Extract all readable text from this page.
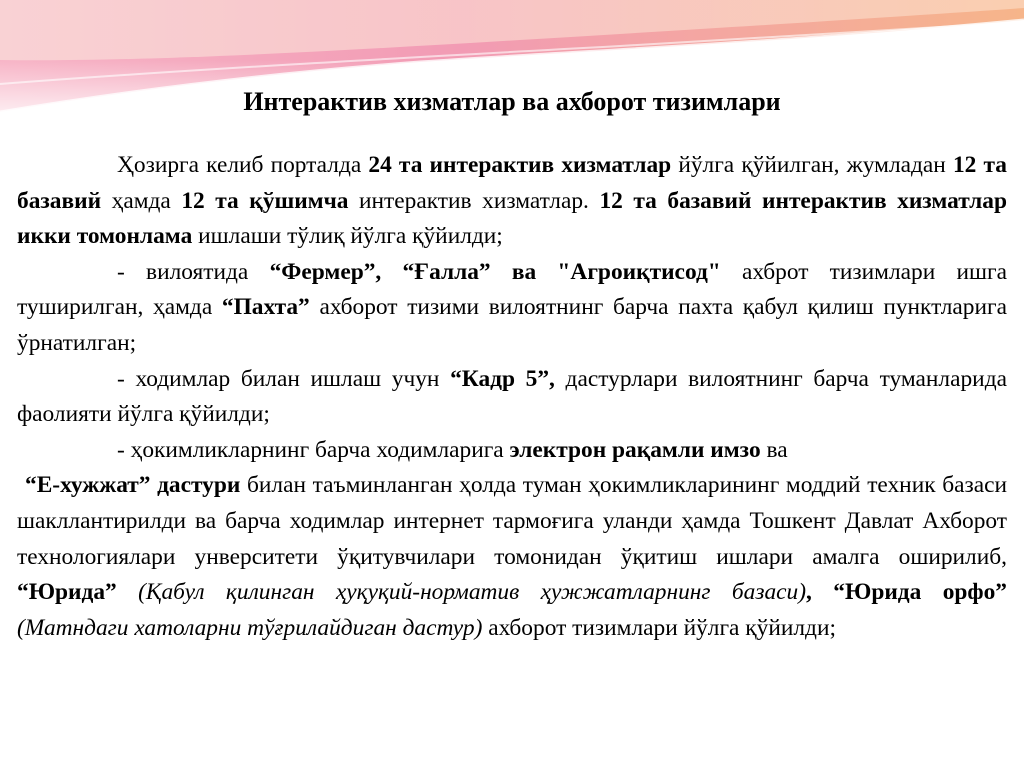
Интерактив хизматлар ва ахборот тизимлари

Ҳозирга келиб порталда 24 та интерактив хизматлар йўлга қўйилган, жумладан 12 та базавий ҳамда 12 та қўшимча интерактив хизматлар. 12 та базавий интерактив хизматлар икки томонлама ишлаши тўлиқ йўлга қўйилди;

- вилоятида “Фермер”, “Ғалла” ва "Агроиқтисод" ахброт тизимлари ишга туширилган, ҳамда “Пахта” ахборот тизими вилоятнинг барча пахта қабул қилиш пунктларига ўрнатилган;

- ходимлар билан ишлаш учун “Кадр 5”, дастурлари вилоятнинг барча туманларида фаолияти йўлга қўйилди;

- ҳокимликларнинг барча ходимларига электрон рақамли имзо ва
“Е-хужжат” дастури билан таъминланган ҳолда туман ҳокимликларининг моддий техник базаси шакллантирилди ва барча ходимлар интернет тармоғига уланди ҳамда Тошкент Давлат Ахборот технологиялари унверситети ўқитувчилари томонидан ўқитиш ишлари амалга оширилиб, “Юрида” (Қабул қилинган ҳуқуқий-норматив ҳужжатларнинг базаси), “Юрида орфо” (Матндаги хатоларни тўғрилайдиган дастур) ахборот тизимлари йўлга қўйилди;
